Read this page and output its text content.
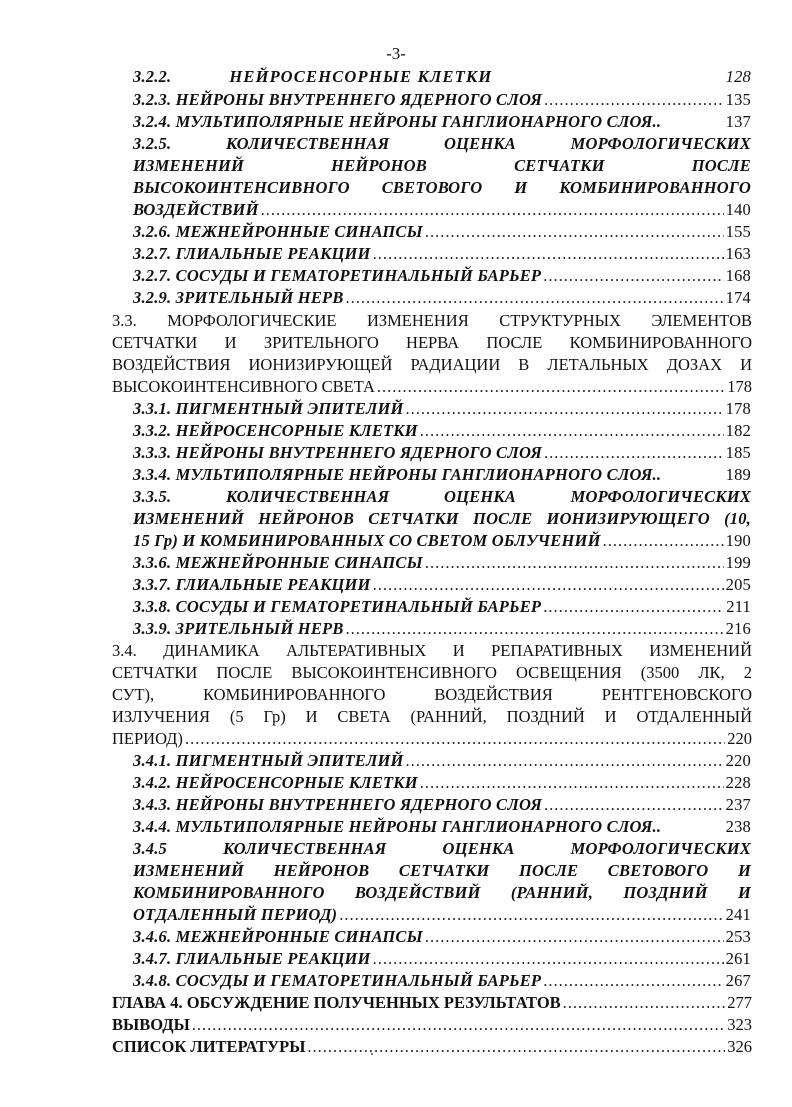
-3-
3.2.2.	НЕЙРОСЕНСОРНЫЕ КЛЕТКИ	128
3.2.3. НЕЙРОНЫ ВНУТРЕННЕГО ЯДЕРНОГО СЛОЯ .....	135
3.2.4. МУЛЬТИПОЛЯРНЫЕ НЕЙРОНЫ ГАНГЛИОНАРНОГО СЛОЯ..	137
3.2.5. КОЛИЧЕСТВЕННАЯ ОЦЕНКА МОРФОЛОГИЧЕСКИХ
ИЗМЕНЕНИЙ НЕЙРОНОВ СЕТЧАТКИ ПОСЛЕ
ВЫСОКОИНТЕНСИВНОГО СВЕТОВОГО И КОМБИНИРОВАННОГО
ВОЗДЕЙСТВИЙ .....	140
3.2.6. МЕЖНЕЙРОННЫЕ СИНАПСЫ .....	155
3.2.7. ГЛИАЛЬНЫЕ РЕАКЦИИ .....	163
3.2.7. СОСУДЫ И ГЕМАТОРЕТИНАЛЬНЫЙ БАРЬЕР .....	168
3.2.9. ЗРИТЕЛЬНЫЙ НЕРВ .....	174
3.3. МОРФОЛОГИЧЕСКИЕ ИЗМЕНЕНИЯ СТРУКТУРНЫХ ЭЛЕМЕНТОВ
СЕТЧАТКИ И ЗРИТЕЛЬНОГО НЕРВА ПОСЛЕ КОМБИНИРОВАННОГО
ВОЗДЕЙСТВИЯ ИОНИЗИРУЮЩЕЙ РАДИАЦИИ В ЛЕТАЛЬНЫХ ДОЗАХ И
ВЫСОКОИНТЕНСИВНОГО СВЕТА .....	178
3.3.1. ПИГМЕНТНЫЙ ЭПИТЕЛИЙ .....	178
3.3.2. НЕЙРОСЕНСОРНЫЕ КЛЕТКИ .....	182
3.3.3. НЕЙРОНЫ ВНУТРЕННЕГО ЯДЕРНОГО СЛОЯ .....	185
3.3.4. МУЛЬТИПОЛЯРНЫЕ НЕЙРОНЫ ГАНГЛИОНАРНОГО СЛОЯ..	189
3.3.5. КОЛИЧЕСТВЕННАЯ ОЦЕНКА МОРФОЛОГИЧЕСКИХ
ИЗМЕНЕНИЙ НЕЙРОНОВ СЕТЧАТКИ ПОСЛЕ ИОНИЗИРУЮЩЕГО (10,
15 Гр) И КОМБИНИРОВАННЫХ СО СВЕТОМ ОБЛУЧЕНИЙ .....	190
3.3.6. МЕЖНЕЙРОННЫЕ СИНАПСЫ .....	199
3.3.7. ГЛИАЛЬНЫЕ РЕАКЦИИ .....	205
3.3.8. СОСУДЫ И ГЕМАТОРЕТИНАЛЬНЫЙ БАРЬЕР .....	211
3.3.9. ЗРИТЕЛЬНЫЙ НЕРВ .....	216
3.4. ДИНАМИКА АЛЬТЕРАТИВНЫХ И РЕПАРАТИВНЫХ ИЗМЕНЕНИЙ
СЕТЧАТКИ ПОСЛЕ ВЫСОКОИНТЕНСИВНОГО ОСВЕЩЕНИЯ (3500 ЛК, 2
СУТ), КОМБИНИРОВАННОГО ВОЗДЕЙСТВИЯ РЕНТГЕНОВСКОГО
ИЗЛУЧЕНИЯ (5 Гр) И СВЕТА (РАННИЙ, ПОЗДНИЙ И ОТДАЛЕННЫЙ
ПЕРИОД) .....	220
3.4.1. ПИГМЕНТНЫЙ ЭПИТЕЛИЙ .....	220
3.4.2. НЕЙРОСЕНСОРНЫЕ КЛЕТКИ .....	228
3.4.3. НЕЙРОНЫ ВНУТРЕННЕГО ЯДЕРНОГО СЛОЯ .....	237
3.4.4. МУЛЬТИПОЛЯРНЫЕ НЕЙРОНЫ ГАНГЛИОНАРНОГО СЛОЯ..	238
3.4.5 КОЛИЧЕСТВЕННАЯ ОЦЕНКА МОРФОЛОГИЧЕСКИХ
ИЗМЕНЕНИЙ НЕЙРОНОВ СЕТЧАТКИ ПОСЛЕ СВЕТОВОГО И
КОМБИНИРОВАННОГО ВОЗДЕЙСТВИЙ (РАННИЙ, ПОЗДНИЙ И
ОТДАЛЕННЫЙ ПЕРИОД) .....	241
3.4.6. МЕЖНЕЙРОННЫЕ СИНАПСЫ .....	253
3.4.7. ГЛИАЛЬНЫЕ РЕАКЦИИ .....	261
3.4.8. СОСУДЫ И ГЕМАТОРЕТИНАЛЬНЫЙ БАРЬЕР .....	267
ГЛАВА 4. ОБСУЖДЕНИЕ ПОЛУЧЕННЫХ РЕЗУЛЬТАТОВ .....	277
ВЫВОДЫ .....	323
СПИСОК ЛИТЕРАТУРЫ .....	326
